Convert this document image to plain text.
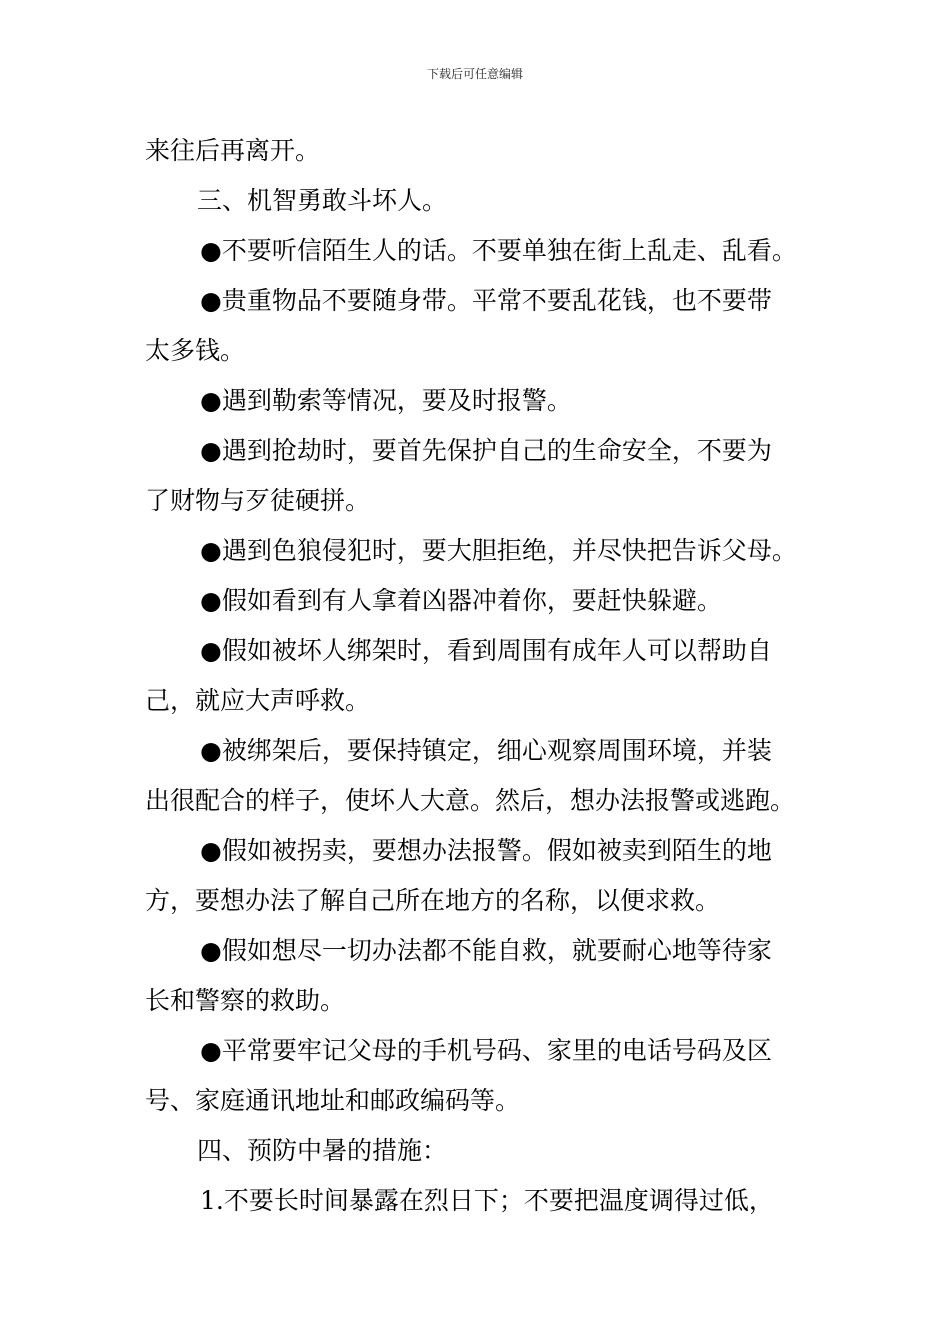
下载后可任意编辑
来往后再离开。
三、机智勇敢斗坏人。
●不要听信陌生人的话。不要单独在街上乱走、乱看。
●贵重物品不要随身带。平常不要乱花钱，也不要带
太多钱。
●遇到勒索等情况，要及时报警。
●遇到抢劫时，要首先保护自己的生命安全，不要为
了财物与歹徒硬拼。
●遇到色狼侵犯时，要大胆拒绝，并尽快把告诉父母。
●假如看到有人拿着凶器冲着你，要赶快躲避。
●假如被坏人绑架时，看到周围有成年人可以帮助自
己，就应大声呼救。
●被绑架后，要保持镇定，细心观察周围环境，并装
出很配合的样子，使坏人大意。然后，想办法报警或逃跑。
●假如被拐卖，要想办法报警。假如被卖到陌生的地
方，要想办法了解自己所在地方的名称，以便求救。
●假如想尽一切办法都不能自救，就要耐心地等待家
长和警察的救助。
●平常要牢记父母的手机号码、家里的电话号码及区
号、家庭通讯地址和邮政编码等。
四、预防中暑的措施：
1.不要长时间暴露在烈日下；不要把温度调得过低，
